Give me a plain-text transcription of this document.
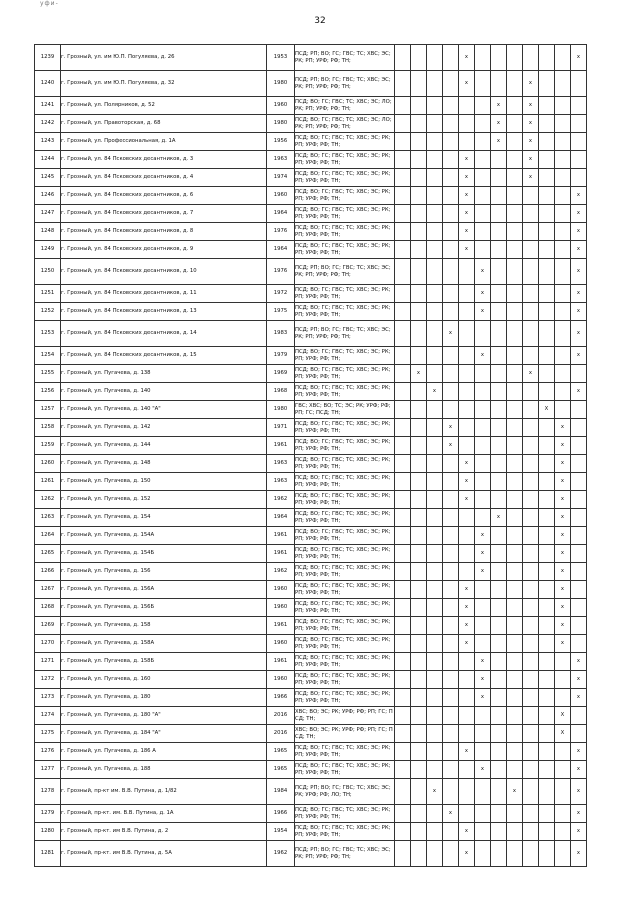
уфи-
32
1239	г. Грозный, ул. им Ю.П. Погуляева, д. 26	1953	ПСД; РП; ВО; ГС; ГВС; ТС; ХВС; ЭС; РК; РП; УРФ; РФ; ТН;					x							x
1240	г. Грозный, ул. им Ю.П. Погуляева, д. 32	1980	ПСД; РП; ВО; ГС; ГВС; ТС; ХВС; ЭС; РК; РП; УРФ; РФ; ТН;					x				x			
1241	г. Грозный, ул. Полярников, д. 52	1960	ПСД; ВО; ГС; ГВС; ТС; ХВС; ЭС; ЛО; РК; РП; УРФ; РФ; ТН;							x		x			
1242	г. Грозный, ул. Правоторская, д. 68	1980	ПСД; ВО; ГС; ГВС; ТС; ХВС; ЭС; ЛО; РК; РП; УРФ; РФ; ТН;							x		x			
1243	г. Грозный, ул. Профессиональная, д. 1А	1956	ПСД; ВО; ГС; ГВС; ТС; ХВС; ЭС; РК; РП; УРФ; РФ; ТН;							x		x			
1244	г. Грозный, ул. 84 Псковских десантников, д. 3	1963	ПСД; ВО; ГС; ГВС; ТС; ХВС; ЭС; РК; РП; УРФ; РФ; ТН;					x				x			
1245	г. Грозный, ул. 84 Псковских десантников, д. 4	1974	ПСД; ВО; ГС; ГВС; ТС; ХВС; ЭС; РК; РП; УРФ; РФ; ТН;					x				x			
1246	г. Грозный, ул. 84 Псковских десантников, д. 6	1960	ПСД; ВО; ГС; ГВС; ТС; ХВС; ЭС; РК; РП; УРФ; РФ; ТН;					x							x
1247	г. Грозный, ул. 84 Псковских десантников, д. 7	1964	ПСД; ВО; ГС; ГВС; ТС; ХВС; ЭС; РК; РП; УРФ; РФ; ТН;					x							x
1248	г. Грозный, ул. 84 Псковских десантников, д. 8	1976	ПСД; ВО; ГС; ГВС; ТС; ХВС; ЭС; РК; РП; УРФ; РФ; ТН;					x							x
1249	г. Грозный, ул. 84 Псковских десантников, д. 9	1964	ПСД; ВО; ГС; ГВС; ТС; ХВС; ЭС; РК; РП; УРФ; РФ; ТН;					x							x
1250	г. Грозный, ул. 84 Псковских десантников, д. 10	1976	ПСД; РП; ВО; ГС; ГВС; ТС; ХВС; ЭС; РК; РП; УРФ; РФ; ТН;						x						x
1251	г. Грозный, ул. 84 Псковских десантников, д. 11	1972	ПСД; ВО; ГС; ГВС; ТС; ХВС; ЭС; РК; РП; УРФ; РФ; ТН;						x						x
1252	г. Грозный, ул. 84 Псковских десантников, д. 13	1975	ПСД; ВО; ГС; ГВС; ТС; ХВС; ЭС; РК; РП; УРФ; РФ; ТН;						x						x
1253	г. Грозный, ул. 84 Псковских десантников, д. 14	1983	ПСД; РП; ВО; ГС; ГВС; ТС; ХВС; ЭС; РК; РП; УРФ; РФ; ТН;				x								x
1254	г. Грозный, ул. 84 Псковских десантников, д. 15	1979	ПСД; ВО; ГС; ГВС; ТС; ХВС; ЭС; РК; РП; УРФ; РФ; ТН;						x						x
1255	г. Грозный, ул. Пугачева, д. 138	1969	ПСД; ВО; ГС; ГВС; ТС; ХВС; ЭС; РК; РП; УРФ; РФ; ТН;		x							x			
1256	г. Грозный, ул. Пугачева, д. 140	1968	ПСД; ВО; ГС; ГВС; ТС; ХВС; ЭС; РК; РП; УРФ; РФ; ТН;			x									x
1257	г. Грозный, ул. Пугачева, д. 140 "А"	1980	ГВС; ХВС; ВО; ТС; ЭС; РК; УРФ; РФ; РП; ГС; ПСД; ТН;										X		
1258	г. Грозный, ул. Пугачева, д. 142	1971	ПСД; ВО; ГС; ГВС; ТС; ХВС; ЭС; РК; РП; УРФ; РФ; ТН;				x							x	
1259	г. Грозный, ул. Пугачева, д. 144	1961	ПСД; ВО; ГС; ГВС; ТС; ХВС; ЭС; РК; РП; УРФ; РФ; ТН;				x							x	
1260	г. Грозный, ул. Пугачева, д. 148	1963	ПСД; ВО; ГС; ГВС; ТС; ХВС; ЭС; РК; РП; УРФ; РФ; ТН;					x						x	
1261	г. Грозный, ул. Пугачева, д. 150	1963	ПСД; ВО; ГС; ГВС; ТС; ХВС; ЭС; РК; РП; УРФ; РФ; ТН;					x						x	
1262	г. Грозный, ул. Пугачева, д. 152	1962	ПСД; ВО; ГС; ГВС; ТС; ХВС; ЭС; РК; РП; УРФ; РФ; ТН;					x						x	
1263	г. Грозный, ул. Пугачева, д. 154	1964	ПСД; ВО; ГС; ГВС; ТС; ХВС; ЭС; РК; РП; УРФ; РФ; ТН;							x				x	
1264	г. Грозный, ул. Пугачева, д. 154А	1961	ПСД; ВО; ГС; ГВС; ТС; ХВС; ЭС; РК; РП; УРФ; РФ; ТН;						x					x	
1265	г. Грозный, ул. Пугачева, д. 154Б	1961	ПСД; ВО; ГС; ГВС; ТС; ХВС; ЭС; РК; РП; УРФ; РФ; ТН;						x					x	
1266	г. Грозный, ул. Пугачева, д. 156	1962	ПСД; ВО; ГС; ГВС; ТС; ХВС; ЭС; РК; РП; УРФ; РФ; ТН;						x					x	
1267	г. Грозный, ул. Пугачева, д. 156А	1960	ПСД; ВО; ГС; ГВС; ТС; ХВС; ЭС; РК; РП; УРФ; РФ; ТН;					x						x	
1268	г. Грозный, ул. Пугачева, д. 156Б	1960	ПСД; ВО; ГС; ГВС; ТС; ХВС; ЭС; РК; РП; УРФ; РФ; ТН;					x						x	
1269	г. Грозный, ул. Пугачева, д. 158	1961	ПСД; ВО; ГС; ГВС; ТС; ХВС; ЭС; РК; РП; УРФ; РФ; ТН;					x						x	
1270	г. Грозный, ул. Пугачева, д. 158А	1960	ПСД; ВО; ГС; ГВС; ТС; ХВС; ЭС; РК; РП; УРФ; РФ; ТН;					x						x	
1271	г. Грозный, ул. Пугачева, д. 158Б	1961	ПСД; ВО; ГС; ГВС; ТС; ХВС; ЭС; РК; РП; УРФ; РФ; ТН;						x						x
1272	г. Грозный, ул. Пугачева, д. 160	1960	ПСД; ВО; ГС; ГВС; ТС; ХВС; ЭС; РК; РП; УРФ; РФ; ТН;						x						x
1273	г. Грозный, ул. Пугачева, д. 180	1966	ПСД; ВО; ГС; ГВС; ТС; ХВС; ЭС; РК; РП; УРФ; РФ; ТН;						x						x
1274	г. Грозный, ул. Пугачева, д. 180 "А"	2016	ХВС; ВО; ЭС; РК; УРФ; РФ; РП; ГС; ПСД; ТН;											X	
1275	г. Грозный, ул. Пугачева, д. 184 "А"	2016	ХВС; ВО; ЭС; РК; УРФ; РФ; РП; ГС; ПСД; ТН;											X	
1276	г. Грозный, ул. Пугачева, д. 186 А	1965	ПСД; ВО; ГС; ГВС; ТС; ХВС; ЭС; РК; РП; УРФ; РФ; ТН;					x							x
1277	г. Грозный, ул. Пугачева, д. 188	1965	ПСД; ВО; ГС; ГВС; ТС; ХВС; ЭС; РК; РП; УРФ; РФ; ТН;						x						x
1278	г. Грозный, пр-кт им. В.В. Путина, д. 1/82	1984	ПСД; РП; ВО; ГС; ГВС; ТС; ХВС; ЭС; РК; УРФ; РФ; ЛО; ТН;			x					x				x
1279	г. Грозный, пр-кт. им. В.В. Путина, д. 1А	1966	ПСД; ВО; ГС; ГВС; ТС; ХВС; ЭС; РК; РП; УРФ; РФ; ТН;				x								x
1280	г. Грозный, пр-кт. им В.В. Путина, д. 2	1954	ПСД; ВО; ГС; ГВС; ТС; ХВС; ЭС; РК; РП; УРФ; РФ; ТН;					x							x
1281	г. Грозный, пр-кт. им В.В. Путина, д. 5А	1962	ПСД; РП; ВО; ГС; ГВС; ТС; ХВС; ЭС; РК; РП; УРФ; РФ; ТН;					x							x
